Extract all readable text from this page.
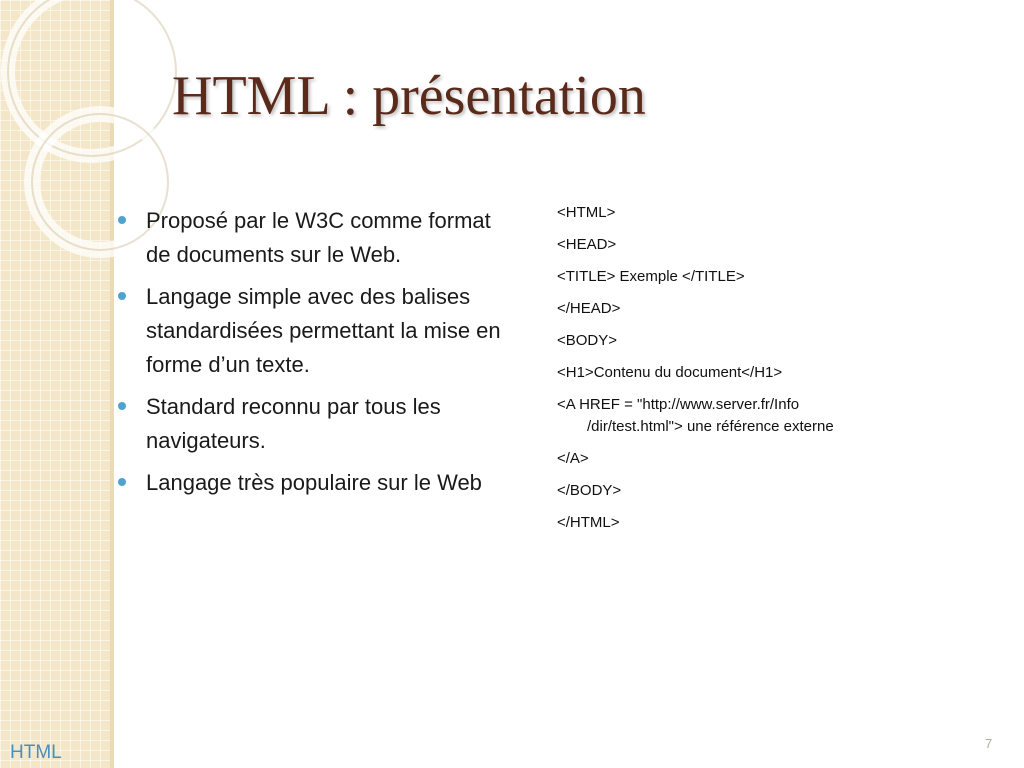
HTML : présentation
Proposé par le W3C comme format de documents sur le Web.
Langage simple avec des balises standardisées permettant la mise en forme d’un texte.
Standard reconnu par tous les navigateurs.
Langage très populaire sur le Web
<HTML>
<HEAD>
<TITLE> Exemple </TITLE>
</HEAD>
<BODY>
<H1>Contenu du document</H1>
<A HREF = "http://www.server.fr/Info
/dir/test.html"> une référence externe
</A>
</BODY>
</HTML>
7
HTML
